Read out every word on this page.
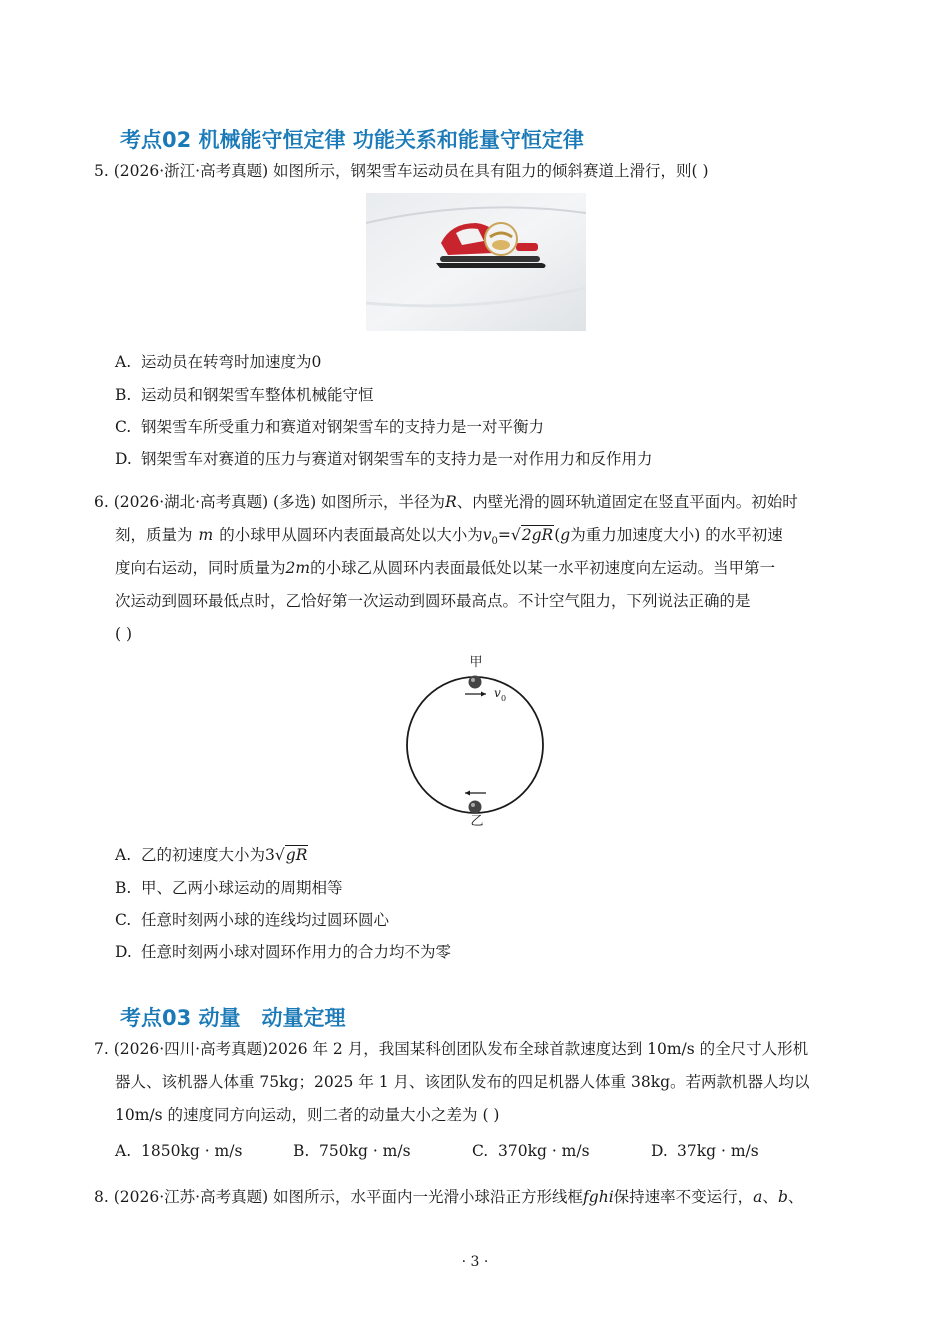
考点02 机械能守恒定律 功能关系和能量守恒定律
5. (2026·浙江·高考真题) 如图所示，钢架雪车运动员在具有阻力的倾斜赛道上滑行，则( )
A. 运动员在转弯时加速度为0
B. 运动员和钢架雪车整体机械能守恒
C. 钢架雪车所受重力和赛道对钢架雪车的支持力是一对平衡力
D. 钢架雪车对赛道的压力与赛道对钢架雪车的支持力是一对作用力和反作用力
6. (2026·湖北·高考真题) (多选) 如图所示，半径为R、内壁光滑的圆环轨道固定在竖直平面内。初始时
刻，质量为 m 的小球甲从圆环内表面最高处以大小为$v_0=√2gR(g$为重力加速度大小) 的水平初速
度向右运动，同时质量为2m的小球乙从圆环内表面最低处以某一水平初速度向左运动。当甲第一
次运动到圆环最低点时，乙恰好第一次运动到圆环最高点。不计空气阻力，下列说法正确的是
( )
甲
v 0
乙
A. 乙的初速度大小为3√gR
B. 甲、乙两小球运动的周期相等
C. 任意时刻两小球的连线均过圆环圆心
D. 任意时刻两小球对圆环作用力的合力均不为零
考点03 动量　动量定理
7. (2026·四川·高考真题)2026 年 2 月，我国某科创团队发布全球首款速度达到 10m/s 的全尺寸人形机
器人、该机器人体重 75kg；2025 年 1 月、该团队发布的四足机器人体重 38kg。若两款机器人均以
10m/s 的速度同方向运动，则二者的动量大小之差为 ( )
A. 1850kg · m/s	B. 750kg · m/s	C. 370kg · m/s	D. 37kg · m/s
8. (2026·江苏·高考真题) 如图所示，水平面内一光滑小球沿正方形线框fghi保持速率不变运行，a、b、
· 3 ·
